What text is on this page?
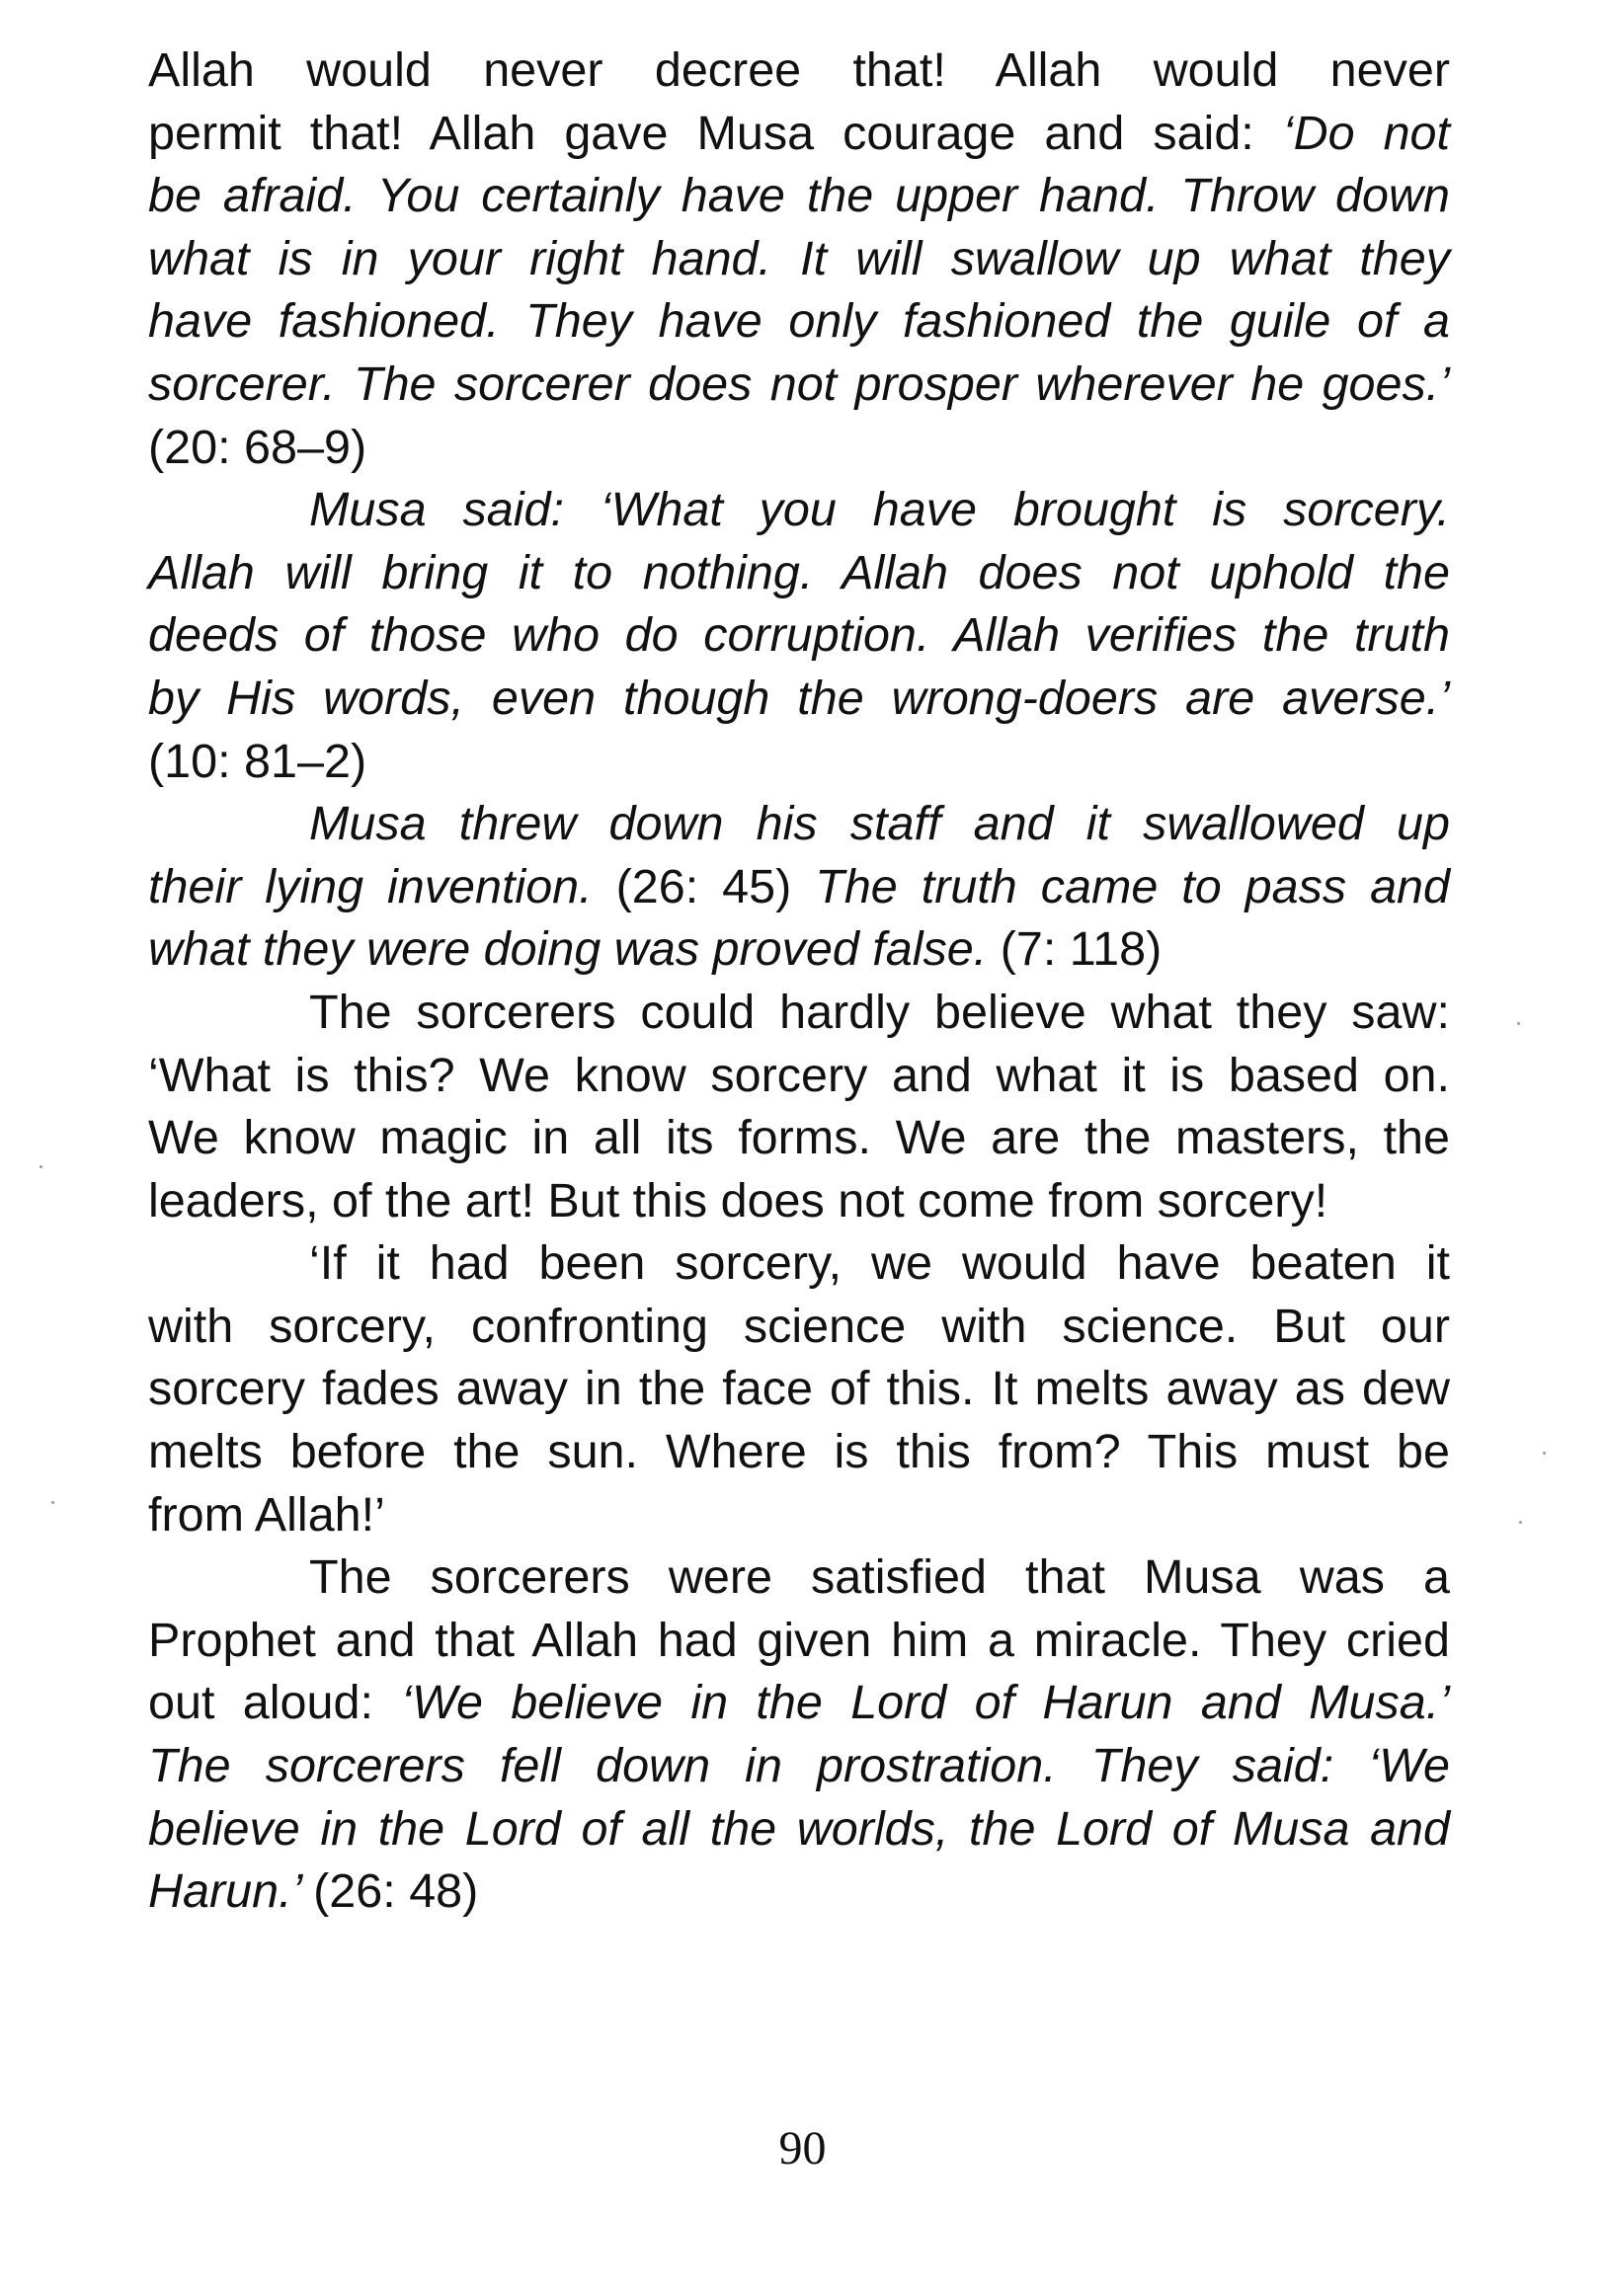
Allah would never decree that! Allah would never
permit that! Allah gave Musa courage and said: ‘Do not
be afraid. You certainly have the upper hand. Throw down
what is in your right hand. It will swallow up what they
have fashioned. They have only fashioned the guile of a
sorcerer. The sorcerer does not prosper wherever he goes.’
(20: 68–9)
Musa said: ‘What you have brought is sorcery.
Allah will bring it to nothing. Allah does not uphold the
deeds of those who do corruption. Allah verifies the truth
by His words, even though the wrong-doers are averse.’
(10: 81–2)
Musa threw down his staff and it swallowed up
their lying invention. (26: 45) The truth came to pass and
what they were doing was proved false. (7: 118)
The sorcerers could hardly believe what they saw:
‘What is this? We know sorcery and what it is based on.
We know magic in all its forms. We are the masters, the
leaders, of the art! But this does not come from sorcery!
‘If it had been sorcery, we would have beaten it
with sorcery, confronting science with science. But our
sorcery fades away in the face of this. It melts away as dew
melts before the sun. Where is this from? This must be
from Allah!’
The sorcerers were satisfied that Musa was a
Prophet and that Allah had given him a miracle. They cried
out aloud: ‘We believe in the Lord of Harun and Musa.’
The sorcerers fell down in prostration. They said: ‘We
believe in the Lord of all the worlds, the Lord of Musa and
Harun.’ (26: 48)
90
